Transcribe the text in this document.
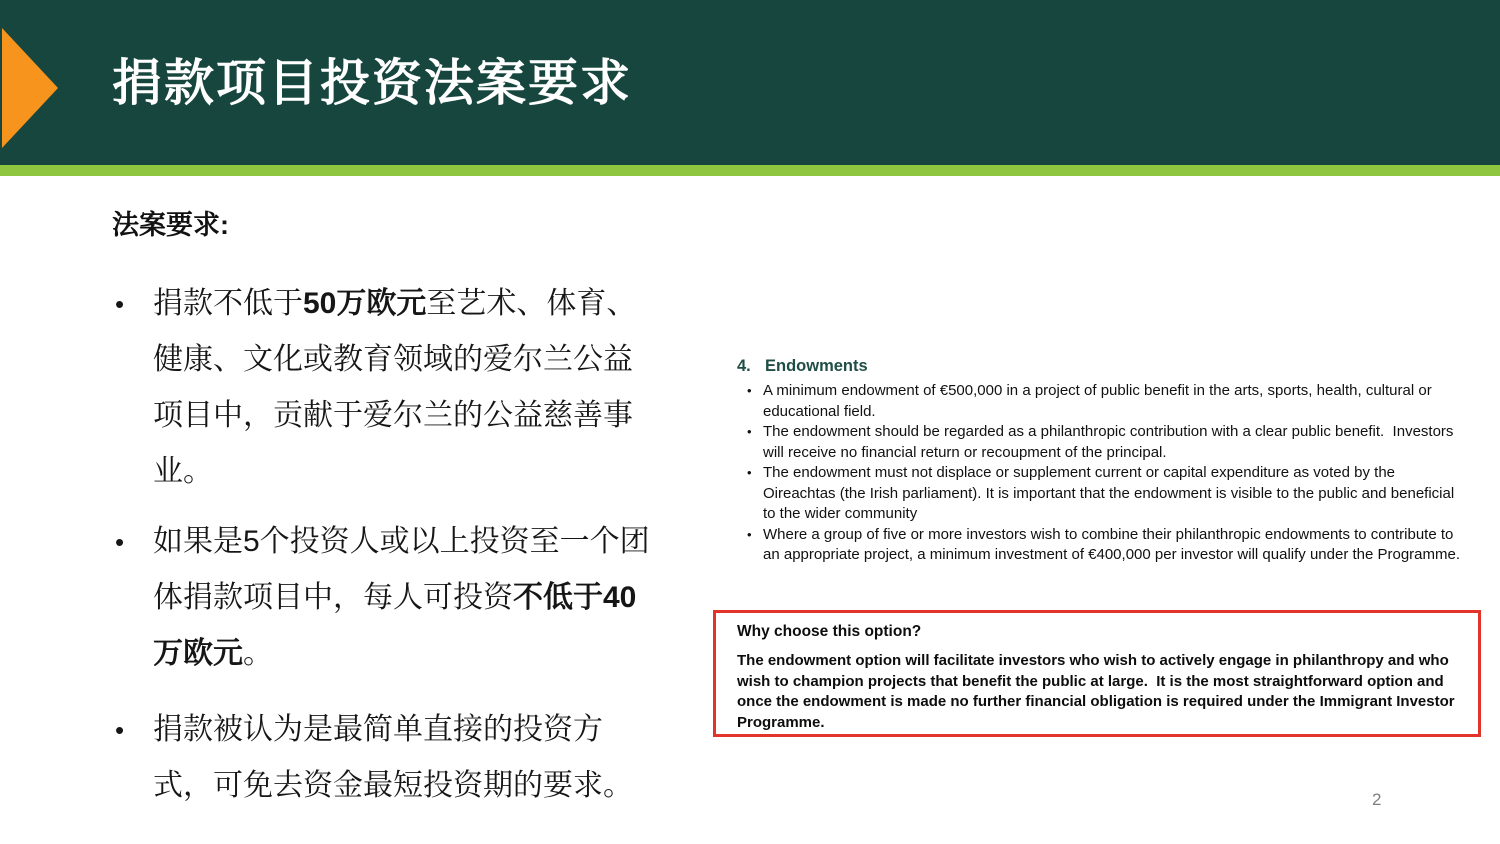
捐款项目投资法案要求
法案要求:
• 捐款不低于50万欧元至艺术、体育、健康、文化或教育领域的爱尔兰公益项目中，贡献于爱尔兰的公益慈善事业。
• 如果是5个投资人或以上投资至一个团体捐款项目中，每人可投资不低于40万欧元。
• 捐款被认为是最简单直接的投资方式，可免去资金最短投资期的要求。
4. Endowments
• A minimum endowment of €500,000 in a project of public benefit in the arts, sports, health, cultural or educational field.
• The endowment should be regarded as a philanthropic contribution with a clear public benefit.  Investors will receive no financial return or recoupment of the principal.
• The endowment must not displace or supplement current or capital expenditure as voted by the Oireachtas (the Irish parliament). It is important that the endowment is visible to the public and beneficial to the wider community
• Where a group of five or more investors wish to combine their philanthropic endowments to contribute to an appropriate project, a minimum investment of €400,000 per investor will qualify under the Programme.

Why choose this option?

The endowment option will facilitate investors who wish to actively engage in philanthropy and who wish to champion projects that benefit the public at large.  It is the most straightforward option and once the endowment is made no further financial obligation is required under the Immigrant Investor Programme.

2
